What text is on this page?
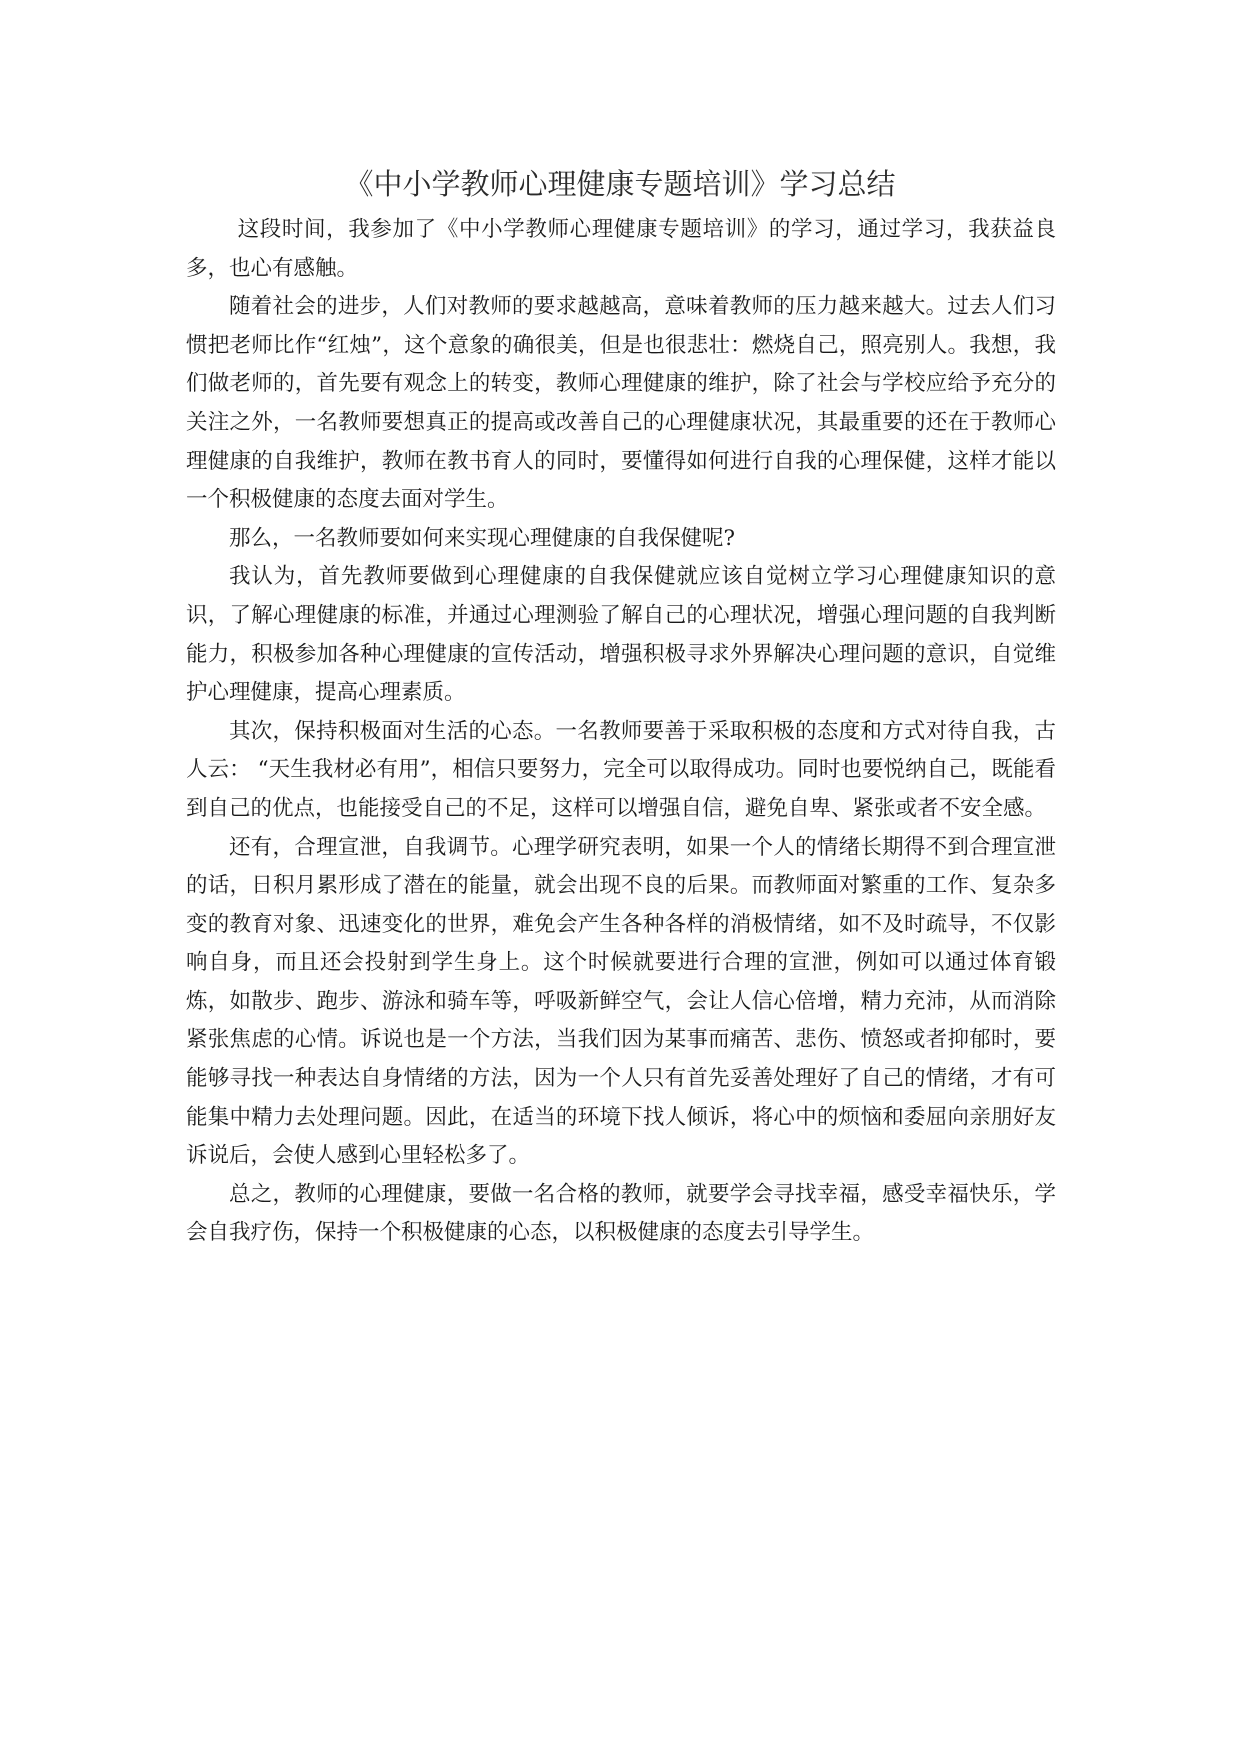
《中小学教师心理健康专题培训》学习总结

这段时间，我参加了《中小学教师心理健康专题培训》的学习，通过学习，我获益良多，也心有感触。

随着社会的进步，人们对教师的要求越越高，意味着教师的压力越来越大。过去人们习惯把老师比作“红烛”，这个意象的确很美，但是也很悲壮：燃烧自己，照亮别人。我想，我们做老师的，首先要有观念上的转变，教师心理健康的维护，除了社会与学校应给予充分的关注之外，一名教师要想真正的提高或改善自己的心理健康状况，其最重要的还在于教师心理健康的自我维护，教师在教书育人的同时，要懂得如何进行自我的心理保健，这样才能以一个积极健康的态度去面对学生。

那么，一名教师要如何来实现心理健康的自我保健呢?

我认为，首先教师要做到心理健康的自我保健就应该自觉树立学习心理健康知识的意识，了解心理健康的标准，并通过心理测验了解自己的心理状况，增强心理问题的自我判断能力，积极参加各种心理健康的宣传活动，增强积极寻求外界解决心理问题的意识，自觉维护心理健康，提高心理素质。

其次，保持积极面对生活的心态。一名教师要善于采取积极的态度和方式对待自我，古人云： “天生我材必有用”，相信只要努力，完全可以取得成功。同时也要悦纳自己，既能看到自己的优点，也能接受自己的不足，这样可以增强自信，避免自卑、紧张或者不安全感。

还有，合理宣泄，自我调节。心理学研究表明，如果一个人的情绪长期得不到合理宣泄的话，日积月累形成了潜在的能量，就会出现不良的后果。而教师面对繁重的工作、复杂多变的教育对象、迅速变化的世界，难免会产生各种各样的消极情绪，如不及时疏导，不仅影响自身，而且还会投射到学生身上。这个时候就要进行合理的宣泄，例如可以通过体育锻炼，如散步、跑步、游泳和骑车等，呼吸新鲜空气，会让人信心倍增，精力充沛，从而消除紧张焦虑的心情。诉说也是一个方法，当我们因为某事而痛苦、悲伤、愤怒或者抑郁时，要能够寻找一种表达自身情绪的方法，因为一个人只有首先妥善处理好了自己的情绪，才有可能集中精力去处理问题。因此，在适当的环境下找人倾诉，将心中的烦恼和委屈向亲朋好友诉说后，会使人感到心里轻松多了。

总之，教师的心理健康，要做一名合格的教师，就要学会寻找幸福，感受幸福快乐，学会自我疗伤，保持一个积极健康的心态，以积极健康的态度去引导学生。
